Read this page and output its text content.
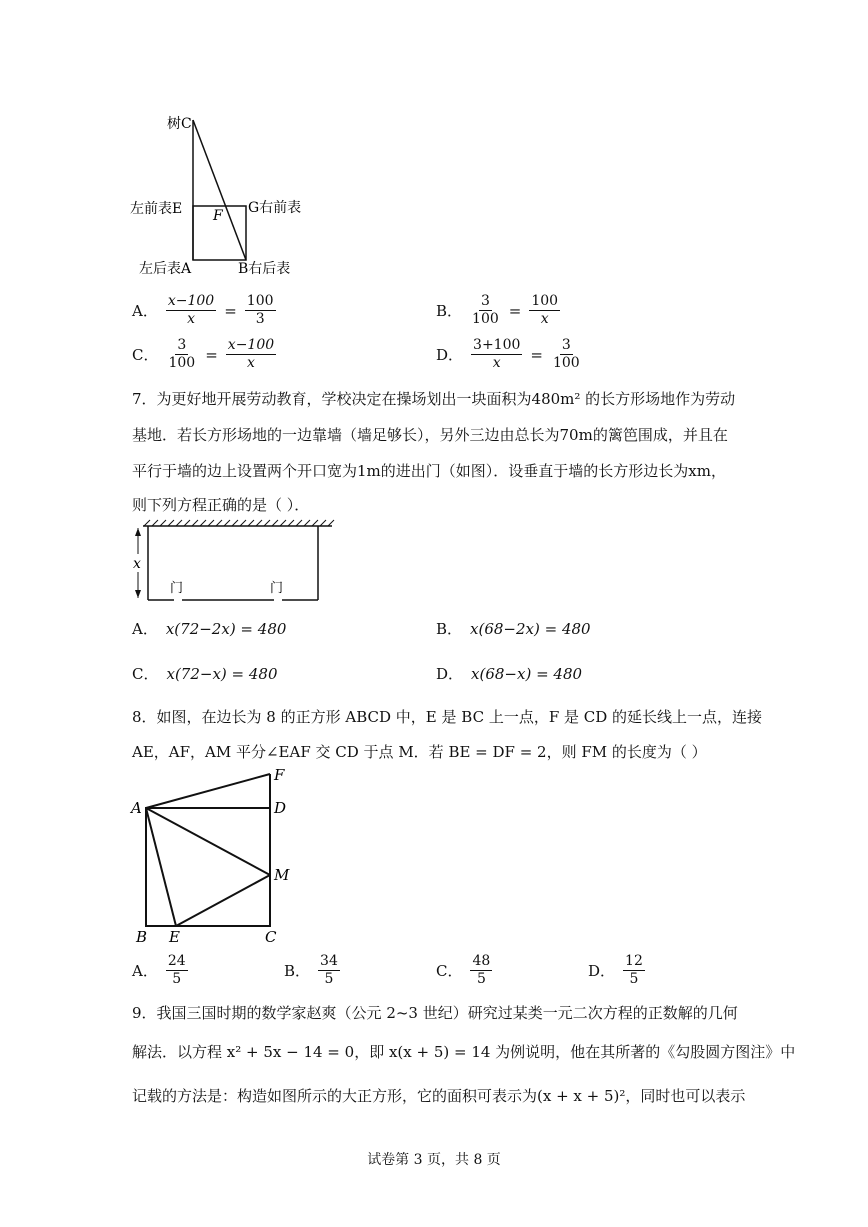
树C
左前表E F G右前表
左后表A	B右后表
A． $\frac{x-100}{x} = \frac{100}{3}$	B． $\frac{3}{100} = \frac{100}{x}$
C． $\frac{3}{100} = \frac{x-100}{x}$	D． $\frac{3+100}{x} = \frac{3}{100}$
7．为更好地开展劳动教育，学校决定在操场划出一块面积为480m² 的长方形场地作为劳动
基地．若长方形场地的一边靠墙（墙足够长），另外三边由总长为70m的篱笆围成，并且在
平行于墙的边上设置两个开口宽为1m的进出门（如图）．设垂直于墙的长方形边长为xm，
则下列方程正确的是（ ）．
x
门	门
A． x(72−2x) = 480	B． x(68−2x) = 480
C． x(72−x) = 480	D． x(68−x) = 480
8．如图，在边长为 8 的正方形 ABCD 中，E 是 BC 上一点，F 是 CD 的延长线上一点，连接
AE，AF，AM 平分∠EAF 交 CD 于点 M．若 BE = DF = 2，则 FM 的长度为（ ）
A	D
F
M
B E	C
A． $\frac{24}{5}$	B． $\frac{34}{5}$	C． $\frac{48}{5}$	D． $\frac{12}{5}$
9．我国三国时期的数学家赵爽（公元 2~3 世纪）研究过某类一元二次方程的正数解的几何
解法．以方程 x² + 5x − 14 = 0，即 x(x + 5) = 14 为例说明，他在其所著的《勾股圆方图注》中
记载的方法是：构造如图所示的大正方形，它的面积可表示为(x + x + 5)²，同时也可以表示
试卷第 3 页，共 8 页
